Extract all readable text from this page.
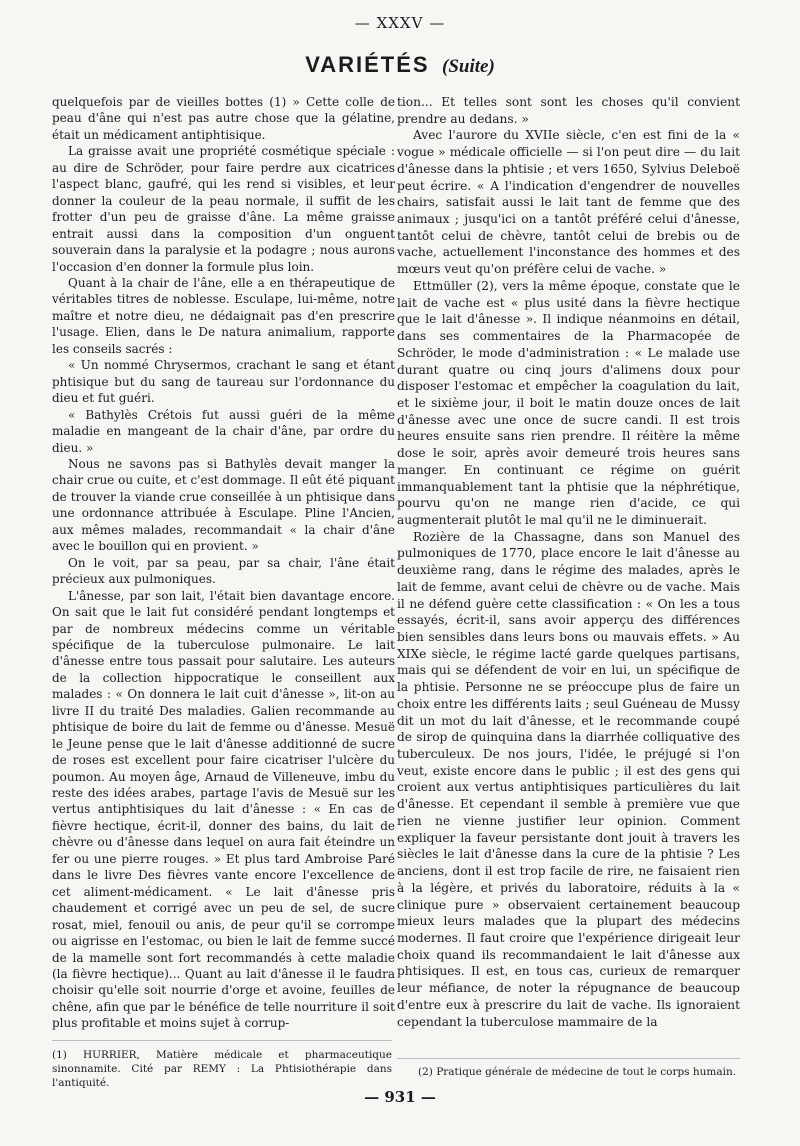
— XXXV —
VARIÉTÉS (Suite)

quelquefois par de vieilles bottes (1) » Cette colle de peau d'âne qui n'est pas autre chose que la gélatine, était un médicament antiphtisique.

La graisse avait une propriété cosmétique spéciale : au dire de Schröder, pour faire perdre aux cicatrices l'aspect blanc, gaufré, qui les rend si visibles, et leur donner la couleur de la peau normale, il suffit de les frotter d'un peu de graisse d'âne. La même graisse entrait aussi dans la composition d'un onguent souverain dans la paralysie et la podagre ; nous aurons l'occasion d'en donner la formule plus loin.

Quant à la chair de l'âne, elle a en thérapeutique de véritables titres de noblesse. Esculape, lui-même, notre maître et notre dieu, ne dédaignait pas d'en prescrire l'usage. Elien, dans le De natura animalium, rapporte les conseils sacrés :

« Un nommé Chrysermos, crachant le sang et étant phtisique but du sang de taureau sur l'ordonnance du dieu et fut guéri.

« Bathylès Crétois fut aussi guéri de la même maladie en mangeant de la chair d'âne, par ordre du dieu. »

Nous ne savons pas si Bathylès devait manger la chair crue ou cuite, et c'est dommage. Il eût été piquant de trouver la viande crue conseillée à un phtisique dans une ordonnance attribuée à Esculape. Pline l'Ancien, aux mêmes malades, recommandait « la chair d'âne avec le bouillon qui en provient. »

On le voit, par sa peau, par sa chair, l'âne était précieux aux pulmoniques.

L'ânesse, par son lait, l'était bien davantage encore. On sait que le lait fut considéré pendant longtemps et par de nombreux médecins comme un véritable spécifique de la tuberculose pulmonaire. Le lait d'ânesse entre tous passait pour salutaire. Les auteurs de la collection hippocratique le conseillent aux malades : « On donnera le lait cuit d'ânesse », lit-on au livre II du traité Des maladies. Galien recommande au phtisique de boire du lait de femme ou d'ânesse. Mesuë le Jeune pense que le lait d'ânesse additionné de sucre de roses est excellent pour faire cicatriser l'ulcère du poumon. Au moyen âge, Arnaud de Villeneuve, imbu du reste des idées arabes, partage l'avis de Mesuë sur les vertus antiphtisiques du lait d'ânesse : « En cas de fièvre hectique, écrit-il, donner des bains, du lait de chèvre ou d'ânesse dans lequel on aura fait éteindre un fer ou une pierre rouges. » Et plus tard Ambroise Paré dans le livre Des fièvres vante encore l'excellence de cet aliment-médicament. « Le lait d'ânesse pris chaudement et corrigé avec un peu de sel, de sucre rosat, miel, fenouil ou anis, de peur qu'il se corrompe ou aigrisse en l'estomac, ou bien le lait de femme succé de la mamelle sont fort recommandés à cette maladie (la fièvre hectique)... Quant au lait d'ânesse il le faudra choisir qu'elle soit nourrie d'orge et avoine, feuilles de chêne, afin que par le bénéfice de telle nourriture il soit plus profitable et moins sujet à corrup-

tion... Et telles sont sont les choses qu'il convient prendre au dedans. »

Avec l'aurore du XVIIe siècle, c'en est fini de la « vogue » médicale officielle — si l'on peut dire — du lait d'ânesse dans la phtisie ; et vers 1650, Sylvius Deleboë peut écrire. « A l'indication d'engendrer de nouvelles chairs, satisfait aussi le lait tant de femme que des animaux ; jusqu'ici on a tantôt préféré celui d'ânesse, tantôt celui de chèvre, tantôt celui de brebis ou de vache, actuellement l'inconstance des hommes et des mœurs veut qu'on préfère celui de vache. »

Ettmüller (2), vers la même époque, constate que le lait de vache est « plus usité dans la fièvre hectique que le lait d'ânesse ». Il indique néanmoins en détail, dans ses commentaires de la Pharmacopée de Schröder, le mode d'administration : « Le malade use durant quatre ou cinq jours d'alimens doux pour disposer l'estomac et empêcher la coagulation du lait, et le sixième jour, il boit le matin douze onces de lait d'ânesse avec une once de sucre candi. Il est trois heures ensuite sans rien prendre. Il réitère la même dose le soir, après avoir demeuré trois heures sans manger. En continuant ce régime on guérit immanquablement tant la phtisie que la néphrétique, pourvu qu'on ne mange rien d'acide, ce qui augmenterait plutôt le mal qu'il ne le diminuerait.

Rozière de la Chassagne, dans son Manuel des pulmoniques de 1770, place encore le lait d'ânesse au deuxième rang, dans le régime des malades, après le lait de femme, avant celui de chèvre ou de vache. Mais il ne défend guère cette classification : « On les a tous essayés, écrit-il, sans avoir apperçu des différences bien sensibles dans leurs bons ou mauvais effets. » Au XIXe siècle, le régime lacté garde quelques partisans, mais qui se défendent de voir en lui, un spécifique de la phtisie. Personne ne se préoccupe plus de faire un choix entre les différents laits ; seul Guéneau de Mussy dit un mot du lait d'ânesse, et le recommande coupé de sirop de quinquina dans la diarrhée colliquative des tuberculeux. De nos jours, l'idée, le préjugé si l'on veut, existe encore dans le public ; il est des gens qui croient aux vertus antiphtisiques particulières du lait d'ânesse. Et cependant il semble à première vue que rien ne vienne justifier leur opinion. Comment expliquer la faveur persistante dont jouit à travers les siècles le lait d'ânesse dans la cure de la phtisie ? Les anciens, dont il est trop facile de rire, ne faisaient rien à la légère, et privés du laboratoire, réduits à la « clinique pure » observaient certainement beaucoup mieux leurs malades que la plupart des médecins modernes. Il faut croire que l'expérience dirigeait leur choix quand ils recommandaient le lait d'ânesse aux phtisiques. Il est, en tous cas, curieux de remarquer leur méfiance, de noter la répugnance de beaucoup d'entre eux à prescrire du lait de vache. Ils ignoraient cependant la tuberculose mammaire de la

(1) HURRIER, Matière médicale et pharmaceutique sinonnamite. Cité par REMY : La Phtisiothérapie dans l'antiquité.
(2) Pratique générale de médecine de tout le corps humain.
— 931 —
